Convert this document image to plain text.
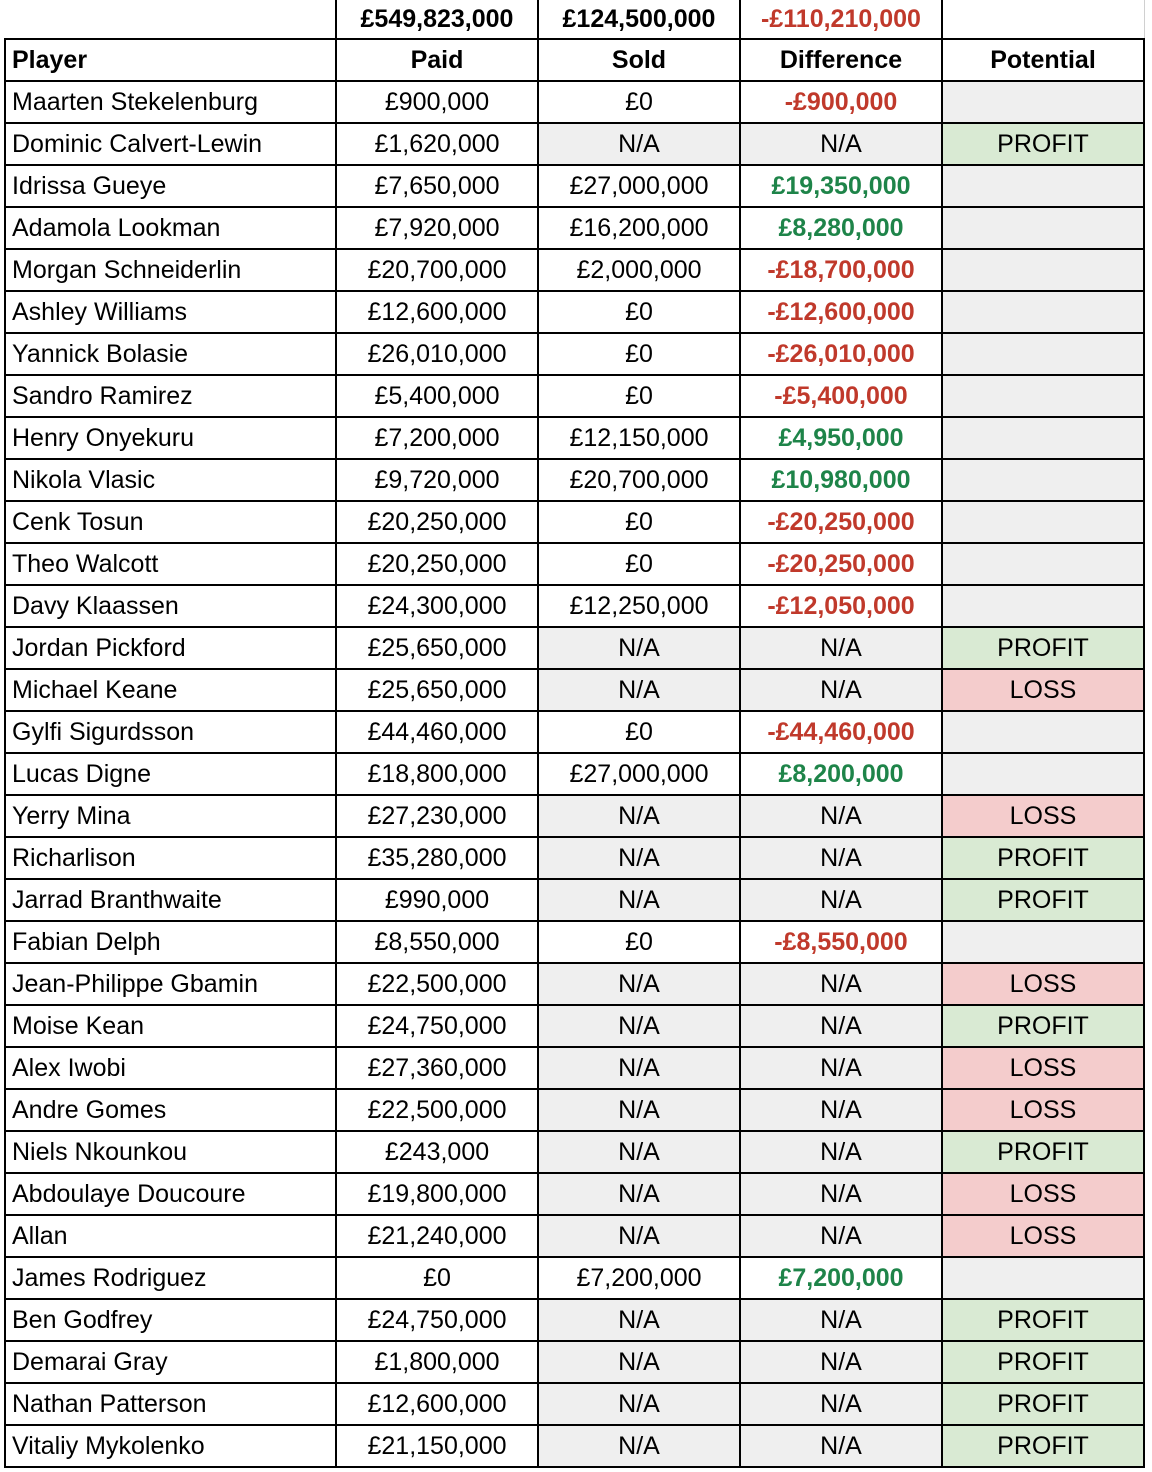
	£549,823,000	£124,500,000	-£110,210,000	
Player	Paid	Sold	Difference	Potential
Maarten Stekelenburg	£900,000	£0	-£900,000	
Dominic Calvert-Lewin	£1,620,000	N/A	N/A	PROFIT
Idrissa Gueye	£7,650,000	£27,000,000	£19,350,000	
Adamola Lookman	£7,920,000	£16,200,000	£8,280,000	
Morgan Schneiderlin	£20,700,000	£2,000,000	-£18,700,000	
Ashley Williams	£12,600,000	£0	-£12,600,000	
Yannick Bolasie	£26,010,000	£0	-£26,010,000	
Sandro Ramirez	£5,400,000	£0	-£5,400,000	
Henry Onyekuru	£7,200,000	£12,150,000	£4,950,000	
Nikola Vlasic	£9,720,000	£20,700,000	£10,980,000	
Cenk Tosun	£20,250,000	£0	-£20,250,000	
Theo Walcott	£20,250,000	£0	-£20,250,000	
Davy Klaassen	£24,300,000	£12,250,000	-£12,050,000	
Jordan Pickford	£25,650,000	N/A	N/A	PROFIT
Michael Keane	£25,650,000	N/A	N/A	LOSS
Gylfi Sigurdsson	£44,460,000	£0	-£44,460,000	
Lucas Digne	£18,800,000	£27,000,000	£8,200,000	
Yerry Mina	£27,230,000	N/A	N/A	LOSS
Richarlison	£35,280,000	N/A	N/A	PROFIT
Jarrad Branthwaite	£990,000	N/A	N/A	PROFIT
Fabian Delph	£8,550,000	£0	-£8,550,000	
Jean-Philippe Gbamin	£22,500,000	N/A	N/A	LOSS
Moise Kean	£24,750,000	N/A	N/A	PROFIT
Alex Iwobi	£27,360,000	N/A	N/A	LOSS
Andre Gomes	£22,500,000	N/A	N/A	LOSS
Niels Nkounkou	£243,000	N/A	N/A	PROFIT
Abdoulaye Doucoure	£19,800,000	N/A	N/A	LOSS
Allan	£21,240,000	N/A	N/A	LOSS
James Rodriguez	£0	£7,200,000	£7,200,000	
Ben Godfrey	£24,750,000	N/A	N/A	PROFIT
Demarai Gray	£1,800,000	N/A	N/A	PROFIT
Nathan Patterson	£12,600,000	N/A	N/A	PROFIT
Vitaliy Mykolenko	£21,150,000	N/A	N/A	PROFIT
